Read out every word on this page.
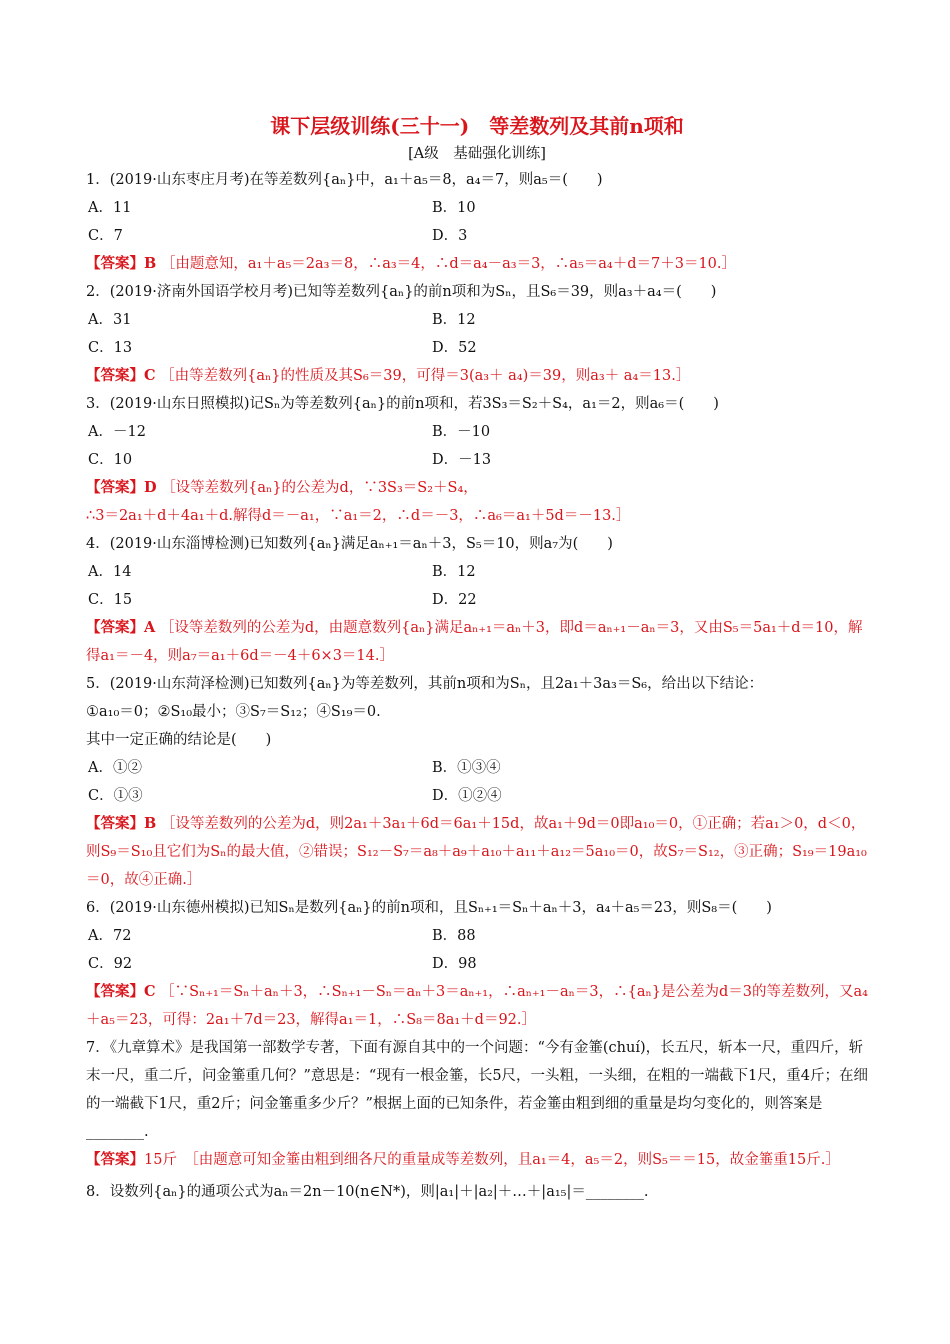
课下层级训练(三十一)　等差数列及其前n项和
[A级　基础强化训练]
1．(2019·山东枣庄月考)在等差数列{aₙ}中，a₁＋a₅＝8，a₄＝7，则a₅＝(　　)
A．11	B．10
C．7	D．3
【答案】B ［由题意知，a₁＋a₅＝2a₃＝8，∴a₃＝4，∴d＝a₄－a₃＝3，∴a₅＝a₄＋d＝7＋3＝10.］
2．(2019·济南外国语学校月考)已知等差数列{aₙ}的前n项和为Sₙ，且S₆＝39，则a₃＋a₄＝(　　)
A．31	B．12
C．13	D．52
【答案】C ［由等差数列{aₙ}的性质及其S₆＝39，可得＝3(a₃＋ a₄)＝39，则a₃＋ a₄＝13.］
3．(2019·山东日照模拟)记Sₙ为等差数列{aₙ}的前n项和，若3S₃＝S₂＋S₄，a₁＝2，则a₆＝(　　)
A．－12	B．－10
C．10	D．－13
【答案】D ［设等差数列{aₙ}的公差为d，∵3S₃＝S₂＋S₄，
∴3＝2a₁＋d＋4a₁＋d.解得d＝－a₁，∵a₁＝2，∴d＝－3，∴a₆＝a₁＋5d＝－13.］
4．(2019·山东淄博检测)已知数列{aₙ}满足aₙ₊₁＝aₙ＋3，S₅＝10，则a₇为(　　)
A．14	B．12
C．15	D．22
【答案】A ［设等差数列的公差为d，由题意数列{aₙ}满足aₙ₊₁＝aₙ＋3，即d＝aₙ₊₁－aₙ＝3，又由S₅＝5a₁＋d＝10，解得a₁＝－4，则a₇＝a₁＋6d＝－4＋6×3＝14.］
5．(2019·山东菏泽检测)已知数列{aₙ}为等差数列，其前n项和为Sₙ，且2a₁＋3a₃＝S₆，给出以下结论：
①a₁₀＝0；②S₁₀最小；③S₇＝S₁₂；④S₁₉＝0.
其中一定正确的结论是(　　)
A．①②	B．①③④
C．①③	D．①②④
【答案】B ［设等差数列的公差为d，则2a₁＋3a₁＋6d＝6a₁＋15d，故a₁＋9d＝0即a₁₀＝0，①正确；若a₁＞0，d＜0，则S₉＝S₁₀且它们为Sₙ的最大值，②错误；S₁₂－S₇＝a₈＋a₉＋a₁₀＋a₁₁＋a₁₂＝5a₁₀＝0，故S₇＝S₁₂，③正确；S₁₉＝19a₁₀＝0，故④正确.］
6．(2019·山东德州模拟)已知Sₙ是数列{aₙ}的前n项和，且Sₙ₊₁＝Sₙ＋aₙ＋3，a₄＋a₅＝23，则S₈＝(　　)
A．72	B．88
C．92	D．98
【答案】C ［∵Sₙ₊₁＝Sₙ＋aₙ＋3，∴Sₙ₊₁－Sₙ＝aₙ＋3＝aₙ₊₁，∴aₙ₊₁－aₙ＝3，∴{aₙ}是公差为d＝3的等差数列，又a₄＋a₅＝23，可得：2a₁＋7d＝23，解得a₁＝1，∴S₈＝8a₁＋d＝92.］
7．《九章算术》是我国第一部数学专著，下面有源自其中的一个问题：“今有金箠(chuí)，长五尺，斩本一尺，重四斤，斩末一尺，重二斤，问金箠重几何？”意思是：“现有一根金箠，长5尺，一头粗，一头细，在粗的一端截下1尺，重4斤；在细的一端截下1尺，重2斤；问金箠重多少斤？”根据上面的已知条件，若金箠由粗到细的重量是均匀变化的，则答案是________.
【答案】15斤　［由题意可知金箠由粗到细各尺的重量成等差数列，且a₁＝4，a₅＝2，则S₅＝＝15，故金箠重15斤.］
8．设数列{aₙ}的通项公式为aₙ＝2n－10(n∈N*)，则|a₁|＋|a₂|＋…＋|a₁₅|＝________.
